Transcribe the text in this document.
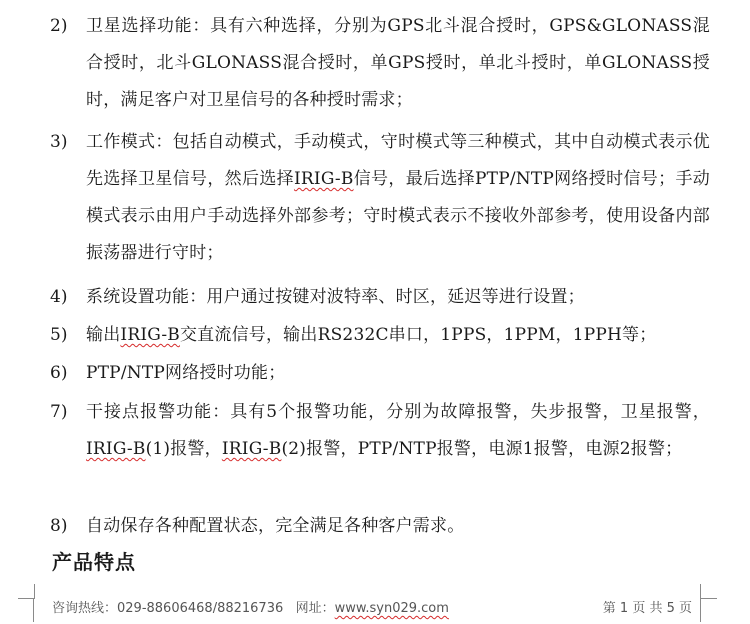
2) 卫星选择功能：具有六种选择，分别为GPS北斗混合授时，GPS&GLONASS混合授时，北斗GLONASS混合授时，单GPS授时，单北斗授时，单GLONASS授时，满足客户对卫星信号的各种授时需求；
3) 工作模式：包括自动模式，手动模式，守时模式等三种模式，其中自动模式表示优先选择卫星信号，然后选择IRIG-B信号，最后选择PTP/NTP网络授时信号；手动模式表示由用户手动选择外部参考；守时模式表示不接收外部参考，使用设备内部振荡器进行守时；
4) 系统设置功能：用户通过按键对波特率、时区，延迟等进行设置；
5) 输出IRIG-B交直流信号，输出RS232C串口，1PPS，1PPM，1PPH等；
6) PTP/NTP网络授时功能；
7) 干接点报警功能：具有5个报警功能，分别为故障报警，失步报警，卫星报警，IRIG-B(1)报警，IRIG-B(2)报警，PTP/NTP报警，电源1报警，电源2报警；
8) 自动保存各种配置状态，完全满足各种客户需求。
产品特点
咨询热线：029-88606468/88216736 网址：www.syn029.com	第 1 页 共 5 页
